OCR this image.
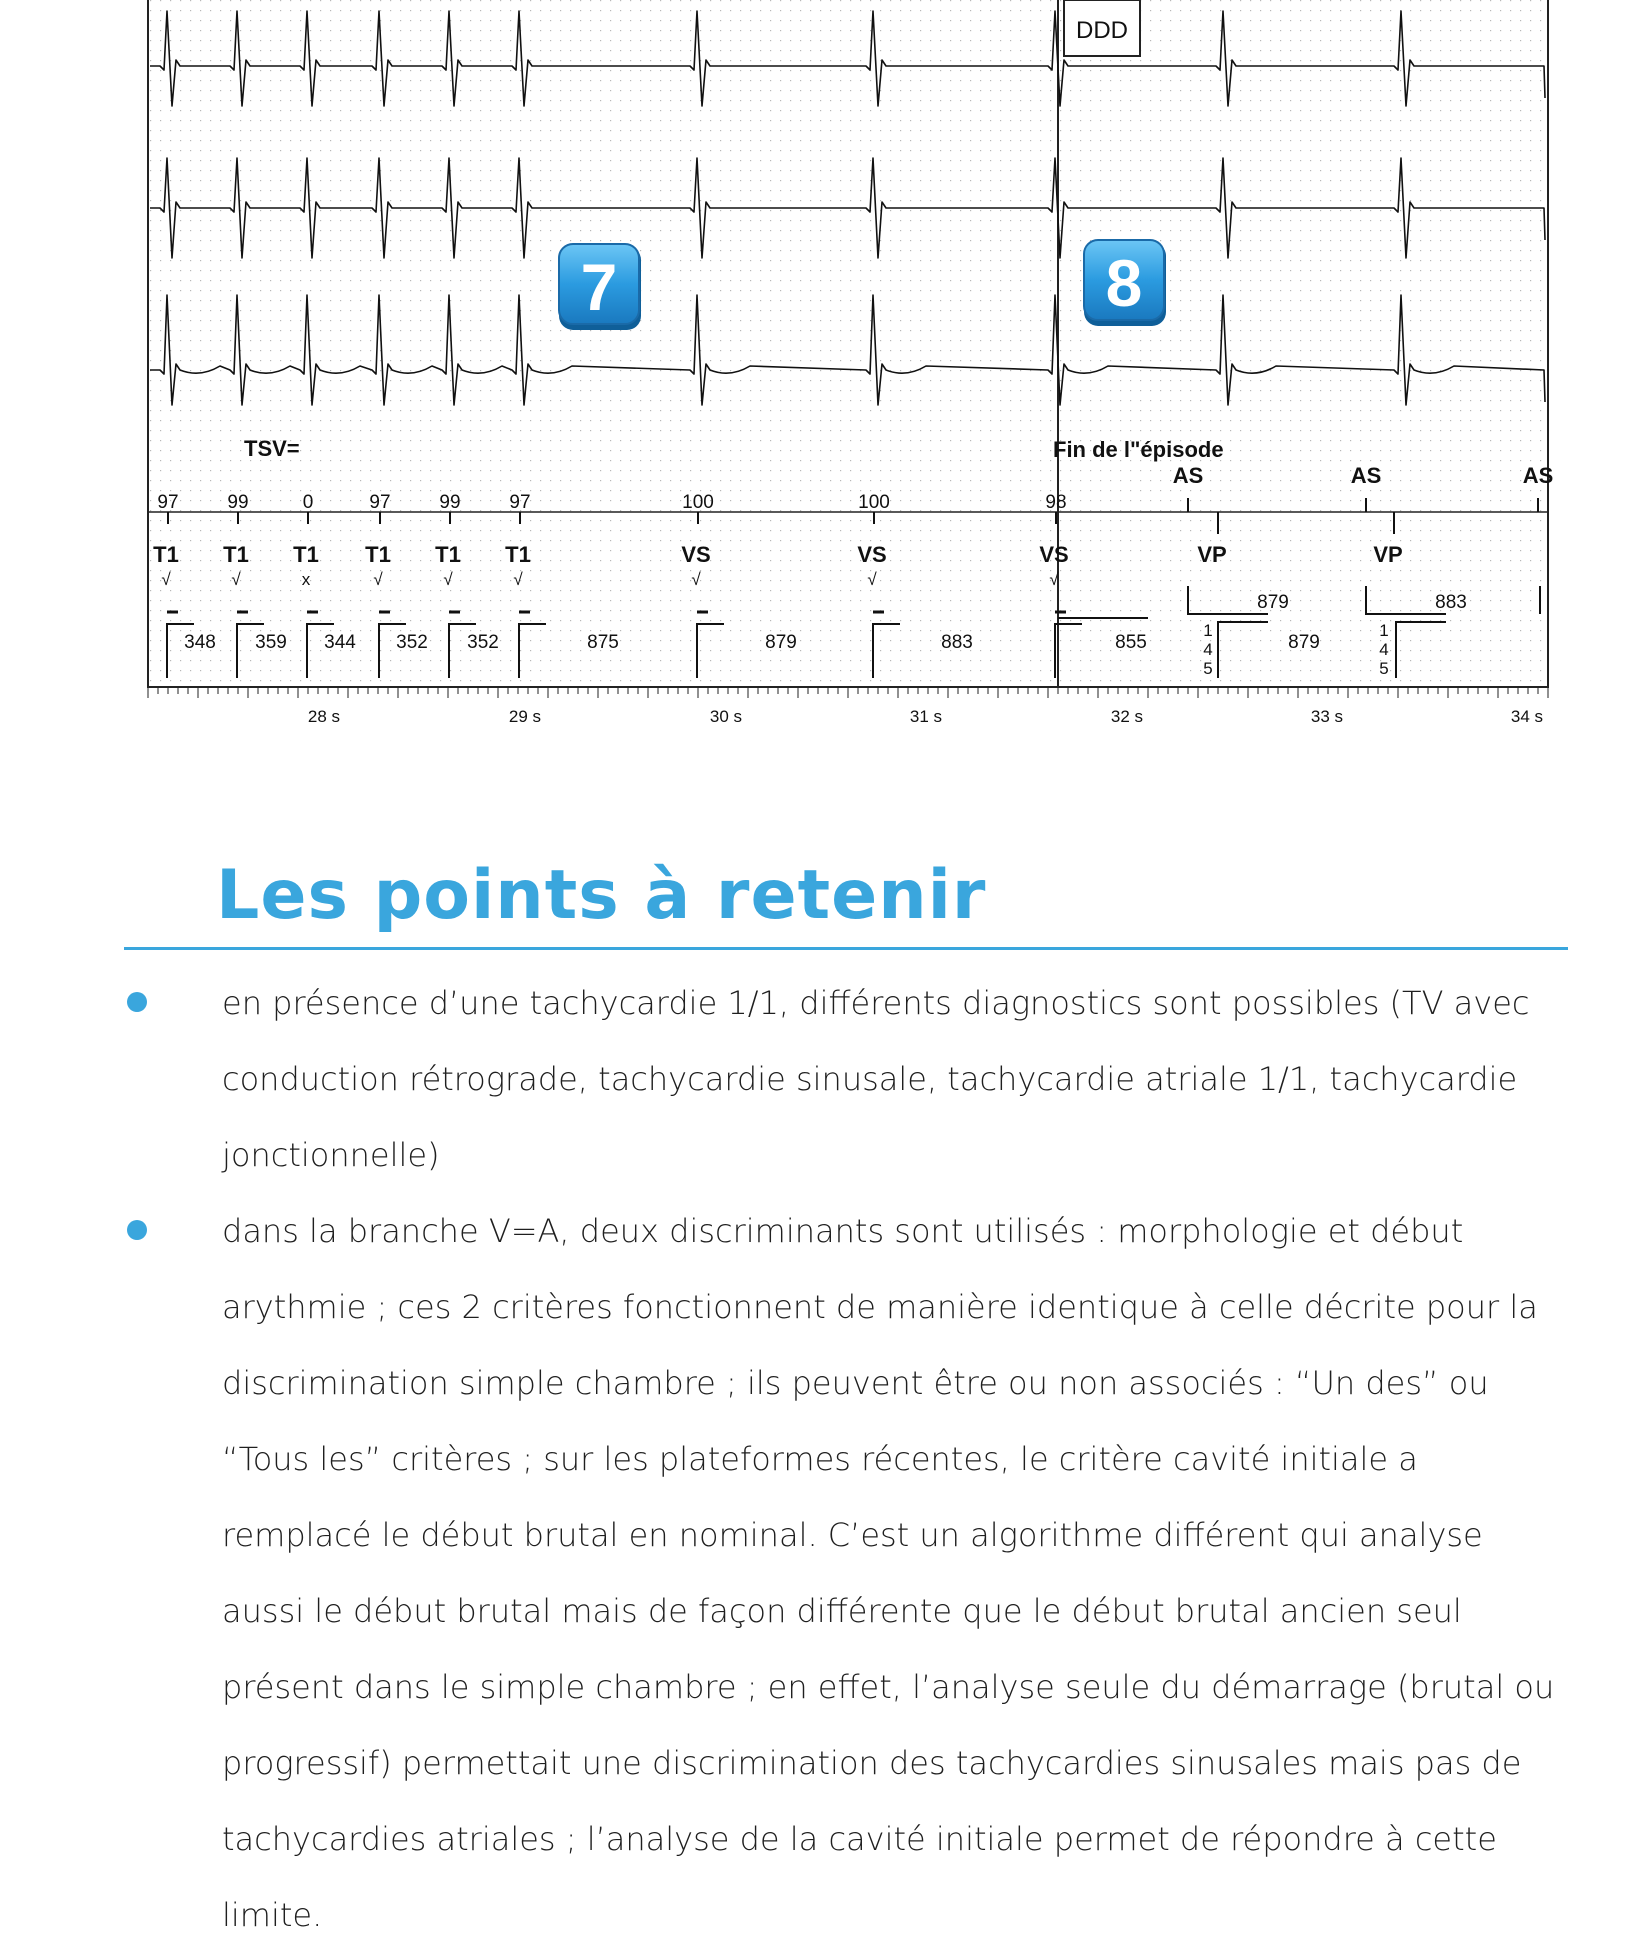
DDD
7	8
TSV=	Fin de l"épisode
AS	AS	AS
97	99	0	97	99	97	100	100	98
T1 T1 T1 T1 T1 T1	VS	VS	VS	VP	VP
√	√	x	√	√	√	√	√	√
348 359 344 352 352	875	879	883	855	879
879	883
1
4
5
1
4
5
28 s	29 s	30 s	31 s	32 s	33 s	34 s
Les points à retenir
en présence d’une tachycardie 1/1, différents diagnostics sont possibles (TV avec conduction rétrograde, tachycardie sinusale, tachycardie atriale 1/1, tachycardie jonctionnelle)
dans la branche V=A, deux discriminants sont utilisés : morphologie et début arythmie ; ces 2 critères fonctionnent de manière identique à celle décrite pour la discrimination simple chambre ; ils peuvent être ou non associés : “Un des” ou “Tous les” critères ; sur les plateformes récentes, le critère cavité initiale a remplacé le début brutal en nominal. C’est un algorithme différent qui analyse aussi le début brutal mais de façon différente que le début brutal ancien seul présent dans le simple chambre ; en effet, l’analyse seule du démarrage (brutal ou progressif) permettait une discrimination des tachycardies sinusales mais pas de tachycardies atriales ; l’analyse de la cavité initiale permet de répondre à cette limite.
